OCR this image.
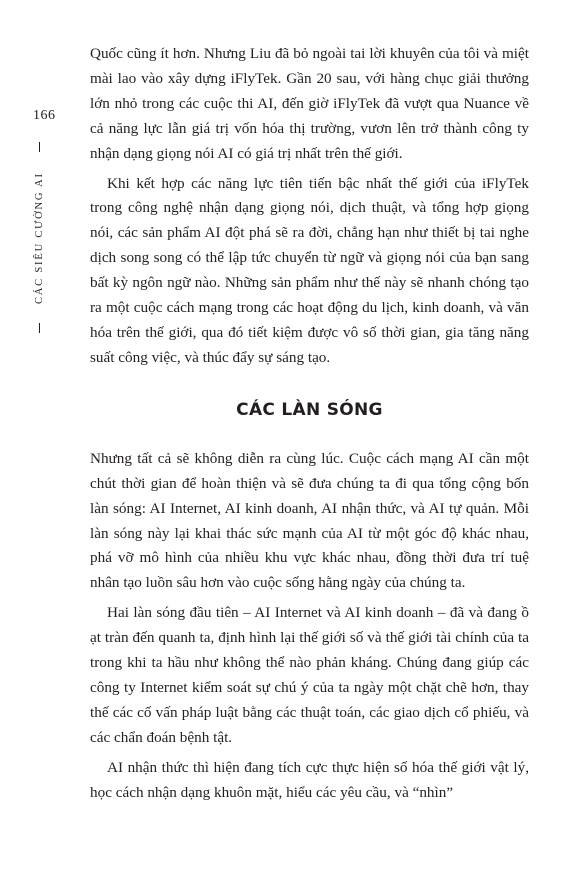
166
CÁC SIÊU CƯỜNG AI

Quốc cũng ít hơn. Nhưng Liu đã bỏ ngoài tai lời khuyên của tôi và miệt mài lao vào xây dựng iFlyTek. Gần 20 sau, với hàng chục giải thưởng lớn nhỏ trong các cuộc thi AI, đến giờ iFlyTek đã vượt qua Nuance về cả năng lực lẫn giá trị vốn hóa thị trường, vươn lên trở thành công ty nhận dạng giọng nói AI có giá trị nhất trên thế giới.

Khi kết hợp các năng lực tiên tiến bậc nhất thế giới của iFlyTek trong công nghệ nhận dạng giọng nói, dịch thuật, và tổng hợp giọng nói, các sản phẩm AI đột phá sẽ ra đời, chẳng hạn như thiết bị tai nghe dịch song song có thể lập tức chuyển từ ngữ và giọng nói của bạn sang bất kỳ ngôn ngữ nào. Những sản phẩm như thế này sẽ nhanh chóng tạo ra một cuộc cách mạng trong các hoạt động du lịch, kinh doanh, và văn hóa trên thế giới, qua đó tiết kiệm được vô số thời gian, gia tăng năng suất công việc, và thúc đẩy sự sáng tạo.

CÁC LÀN SÓNG

Nhưng tất cả sẽ không diễn ra cùng lúc. Cuộc cách mạng AI cần một chút thời gian để hoàn thiện và sẽ đưa chúng ta đi qua tổng cộng bốn làn sóng: AI Internet, AI kinh doanh, AI nhận thức, và AI tự quản. Mỗi làn sóng này lại khai thác sức mạnh của AI từ một góc độ khác nhau, phá vỡ mô hình của nhiều khu vực khác nhau, đồng thời đưa trí tuệ nhân tạo luồn sâu hơn vào cuộc sống hằng ngày của chúng ta.

Hai làn sóng đầu tiên – AI Internet và AI kinh doanh – đã và đang ồ ạt tràn đến quanh ta, định hình lại thế giới số và thế giới tài chính của ta trong khi ta hầu như không thể nào phản kháng. Chúng đang giúp các công ty Internet kiểm soát sự chú ý của ta ngày một chặt chẽ hơn, thay thế các cố vấn pháp luật bằng các thuật toán, các giao dịch cổ phiếu, và các chẩn đoán bệnh tật.

AI nhận thức thì hiện đang tích cực thực hiện số hóa thế giới vật lý, học cách nhận dạng khuôn mặt, hiểu các yêu cầu, và “nhìn”
